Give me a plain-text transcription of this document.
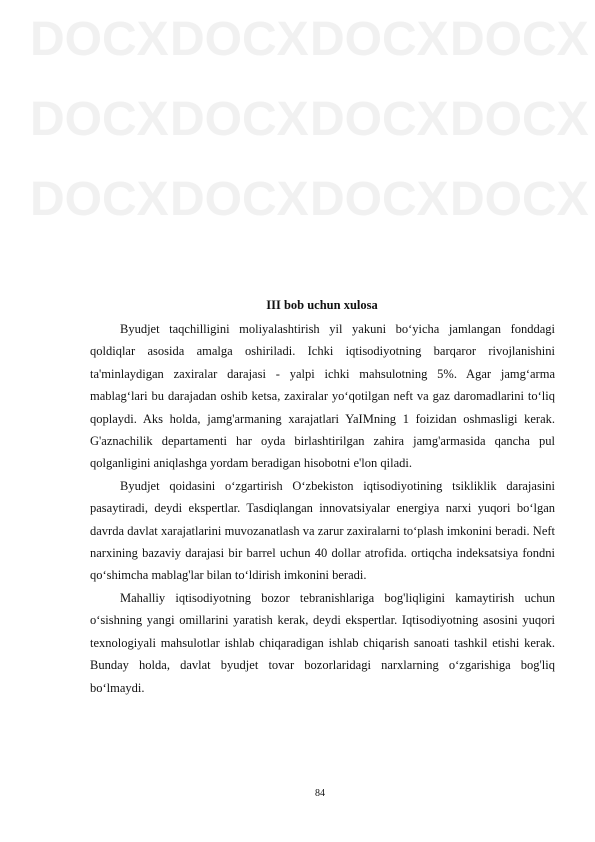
DOCX DOCX DOCX DOCX
DOCX DOCX DOCX DOCX
DOCX DOCX DOCX DOCX
III bob uchun xulosa

Byudjet taqchilligini moliyalashtirish yil yakuni bo‘yicha jamlangan fonddagi qoldiqlar asosida amalga oshiriladi. Ichki iqtisodiyotning barqaror rivojlanishini ta'minlaydigan zaxiralar darajasi - yalpi ichki mahsulotning 5%. Agar jamg‘arma mablag‘lari bu darajadan oshib ketsa, zaxiralar yo‘qotilgan neft va gaz daromadlarini to‘liq qoplaydi. Aks holda, jamg'armaning xarajatlari YaIMning 1 foizidan oshmasligi kerak. G'aznachilik departamenti har oyda birlashtirilgan zahira jamg'armasida qancha pul qolganligini aniqlashga yordam beradigan hisobotni e'lon qiladi.

Byudjet qoidasini o‘zgartirish O‘zbekiston iqtisodiyotining tsikliklik darajasini pasaytiradi, deydi ekspertlar. Tasdiqlangan innovatsiyalar energiya narxi yuqori bo‘lgan davrda davlat xarajatlarini muvozanatlash va zarur zaxiralarni to‘plash imkonini beradi. Neft narxining bazaviy darajasi bir barrel uchun 40 dollar atrofida. ortiqcha indeksatsiya fondni qo‘shimcha mablag'lar bilan to‘ldirish imkonini beradi.

Mahalliy iqtisodiyotning bozor tebranishlariga bog'liqligini kamaytirish uchun o‘sishning yangi omillarini yaratish kerak, deydi ekspertlar. Iqtisodiyotning asosini yuqori texnologiyali mahsulotlar ishlab chiqaradigan ishlab chiqarish sanoati tashkil etishi kerak. Bunday holda, davlat byudjet tovar bozorlaridagi narxlarning o‘zgarishiga bog'liq bo‘lmaydi.

84
